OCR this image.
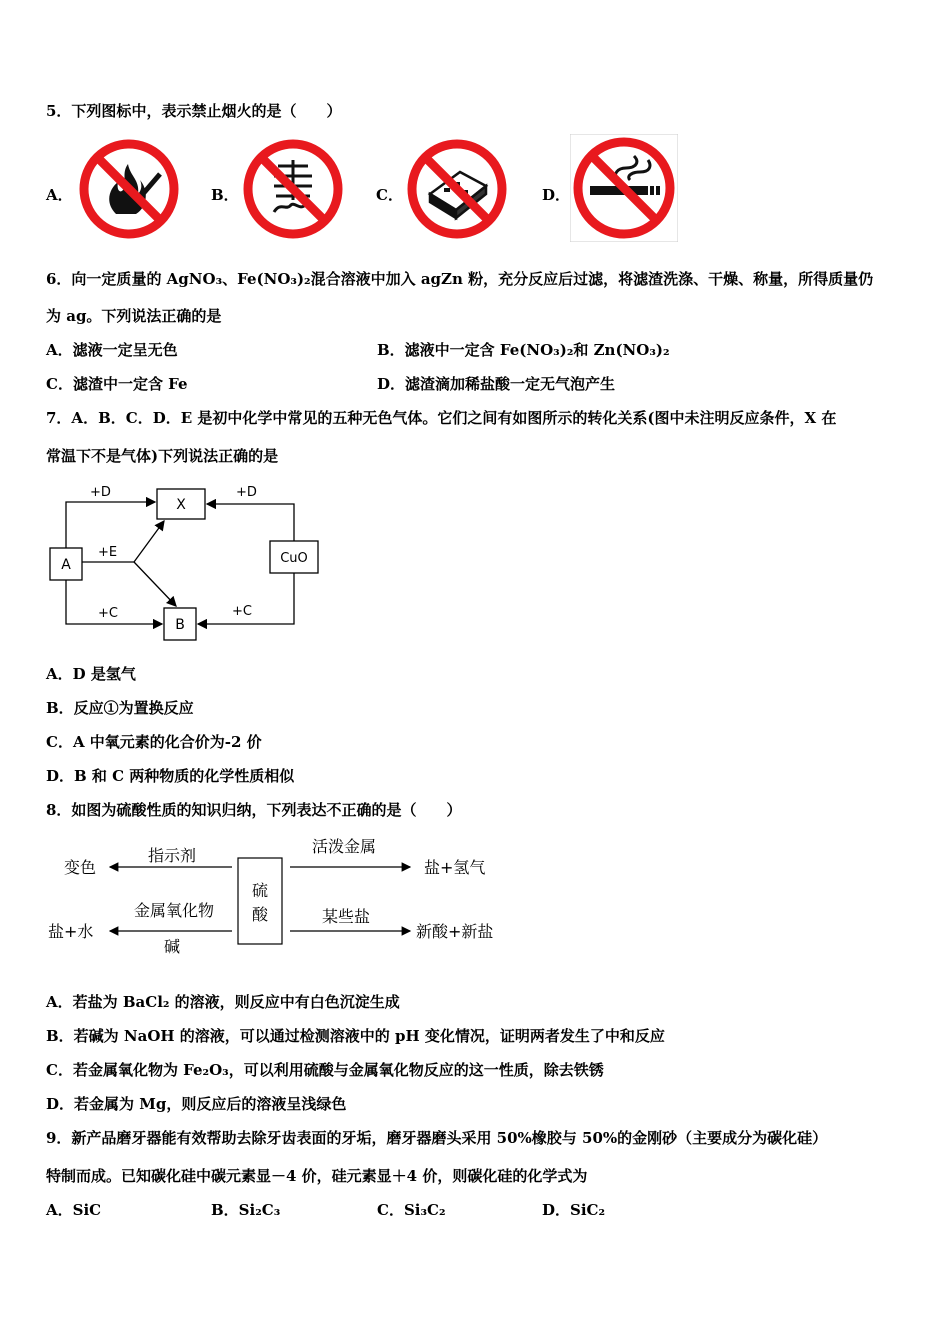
5．下列图标中，表示禁止烟火的是（　　）
A．	B．	C．	D．
6．向一定质量的 AgNO₃、Fe(NO₃)₂混合溶液中加入 agZn 粉，充分反应后过滤，将滤渣洗涤、干燥、称量，所得质量仍
为 ag。下列说法正确的是
A．滤液一定呈无色	B．滤液中一定含 Fe(NO₃)₂和 Zn(NO₃)₂
C．滤渣中一定含 Fe	D．滤渣滴加稀盐酸一定无气泡产生
7．A．B．C．D．E 是初中化学中常见的五种无色气体。它们之间有如图所示的转化关系(图中未注明反应条件，X 在
常温下不是气体)下列说法正确的是
X
A
B
CuO
+D	+D
+E
+C	+C
A．D 是氢气
B．反应①为置换反应
C．A 中氧元素的化合价为-2 价
D．B 和 C 两种物质的化学性质相似
8．如图为硫酸性质的知识归纳，下列表达不正确的是（　　）
硫
酸
指示剂
变色
活泼金属
盐+氢气
金属氧化物
碱
盐+水
某些盐
新酸+新盐
A．若盐为 BaCl₂ 的溶液，则反应中有白色沉淀生成
B．若碱为 NaOH 的溶液，可以通过检测溶液中的 pH 变化情况，证明两者发生了中和反应
C．若金属氧化物为 Fe₂O₃，可以利用硫酸与金属氧化物反应的这一性质，除去铁锈
D．若金属为 Mg，则反应后的溶液呈浅绿色
9．新产品磨牙器能有效帮助去除牙齿表面的牙垢，磨牙器磨头采用 50%橡胶与 50%的金刚砂（主要成分为碳化硅）
特制而成。已知碳化硅中碳元素显－4 价，硅元素显＋4 价，则碳化硅的化学式为
A．SiC	B．Si₂C₃	C．Si₃C₂	D．SiC₂
